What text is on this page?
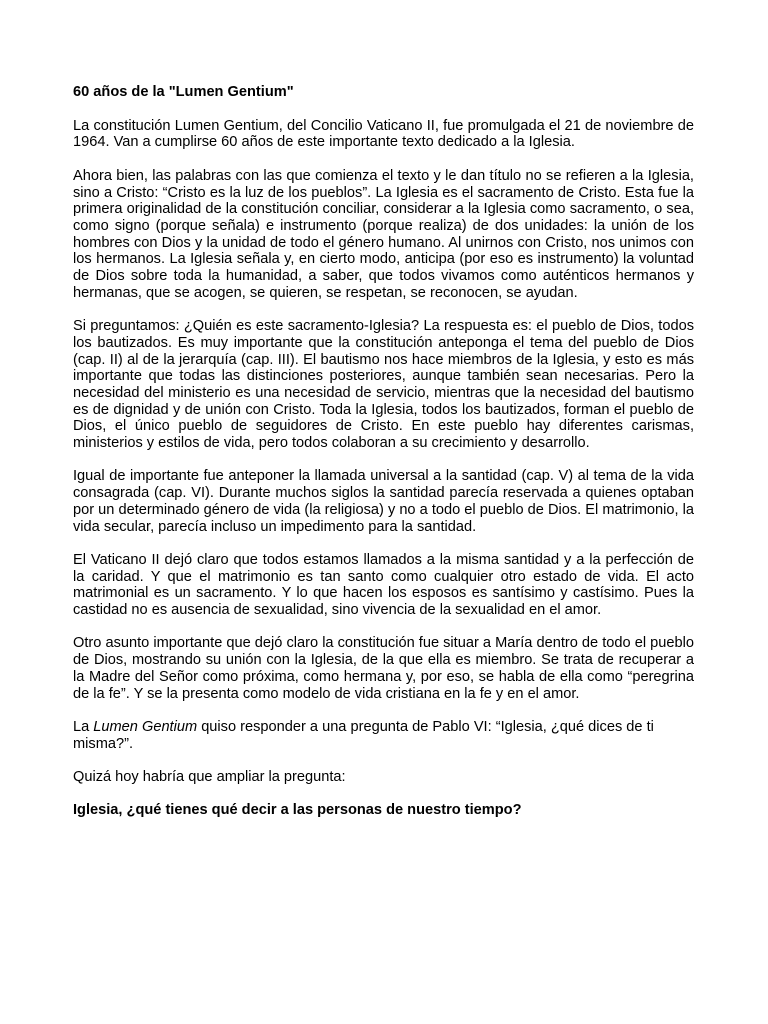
60 años de la "Lumen Gentium"

La constitución Lumen Gentium, del Concilio Vaticano II, fue promulgada el 21 de noviembre de 1964. Van a cumplirse 60 años de este importante texto dedicado a la Iglesia.

Ahora bien, las palabras con las que comienza el texto y le dan título no se refieren a la Iglesia, sino a Cristo: “Cristo es la luz de los pueblos”. La Iglesia es el sacramento de Cristo. Esta fue la primera originalidad de la constitución conciliar, considerar a la Iglesia como sacramento, o sea, como signo (porque señala) e instrumento (porque realiza) de dos unidades: la unión de los hombres con Dios y la unidad de todo el género humano. Al unirnos con Cristo, nos unimos con los hermanos. La Iglesia señala y, en cierto modo, anticipa (por eso es instrumento) la voluntad de Dios sobre toda la humanidad, a saber, que todos vivamos como auténticos hermanos y hermanas, que se acogen, se quieren, se respetan, se reconocen, se ayudan.

Si preguntamos: ¿Quién es este sacramento-Iglesia? La respuesta es: el pueblo de Dios, todos los bautizados. Es muy importante que la constitución anteponga el tema del pueblo de Dios (cap. II) al de la jerarquía (cap. III). El bautismo nos hace miembros de la Iglesia, y esto es más importante que todas las distinciones posteriores, aunque también sean necesarias. Pero la necesidad del ministerio es una necesidad de servicio, mientras que la necesidad del bautismo es de dignidad y de unión con Cristo. Toda la Iglesia, todos los bautizados, forman el pueblo de Dios, el único pueblo de seguidores de Cristo. En este pueblo hay diferentes carismas, ministerios y estilos de vida, pero todos colaboran a su crecimiento y desarrollo.

Igual de importante fue anteponer la llamada universal a la santidad (cap. V) al tema de la vida consagrada (cap. VI). Durante muchos siglos la santidad parecía reservada a quienes optaban por un determinado género de vida (la religiosa) y no a todo el pueblo de Dios. El matrimonio, la vida secular, parecía incluso un impedimento para la santidad.

El Vaticano II dejó claro que todos estamos llamados a la misma santidad y a la perfección de la caridad. Y que el matrimonio es tan santo como cualquier otro estado de vida. El acto matrimonial es un sacramento. Y lo que hacen los esposos es santísimo y castísimo. Pues la castidad no es ausencia de sexualidad, sino vivencia de la sexualidad en el amor.

Otro asunto importante que dejó claro la constitución fue situar a María dentro de todo el pueblo de Dios, mostrando su unión con la Iglesia, de la que ella es miembro. Se trata de recuperar a la Madre del Señor como próxima, como hermana y, por eso, se habla de ella como “peregrina de la fe”. Y se la presenta como modelo de vida cristiana en la fe y en el amor.

La Lumen Gentium quiso responder a una pregunta de Pablo VI: “Iglesia, ¿qué dices de ti misma?”.

Quizá hoy habría que ampliar la pregunta:

Iglesia, ¿qué tienes qué decir a las personas de nuestro tiempo?
